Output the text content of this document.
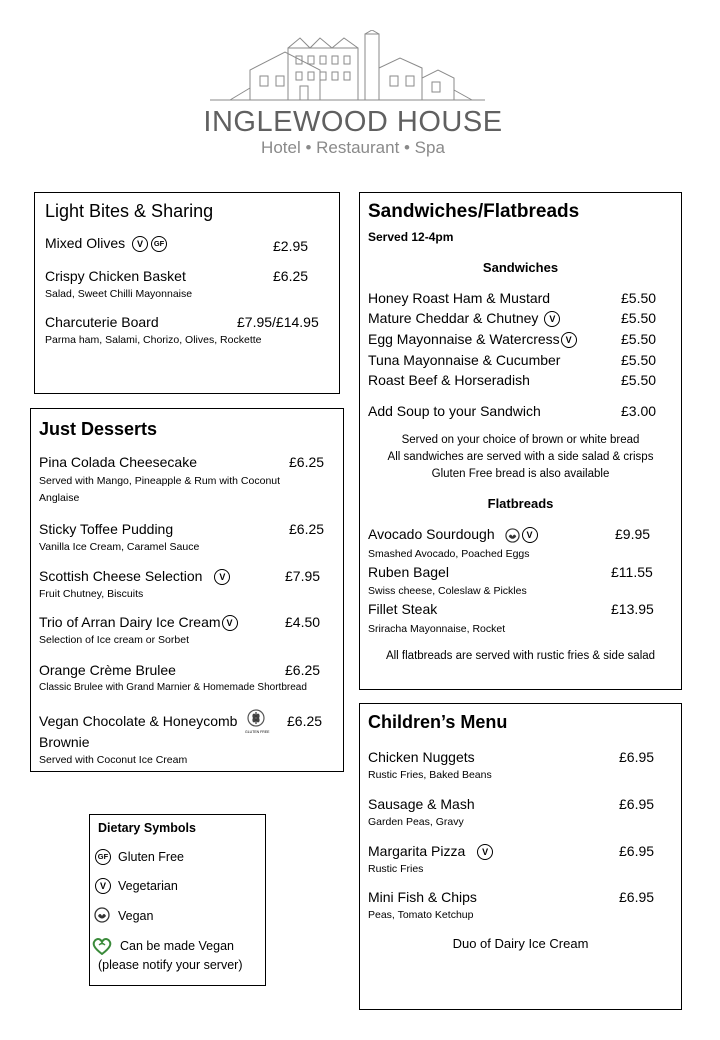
INGLEWOOD HOUSE
Hotel • Restaurant • Spa
Light Bites & Sharing
Mixed Olives V GF	£2.95
Crispy Chicken Basket	£6.25
Salad, Sweet Chilli Mayonnaise
Charcuterie Board	£7.95/£14.95
Parma ham, Salami, Chorizo, Olives, Rockette
Just Desserts
Pina Colada Cheesecake	£6.25
Served with Mango, Pineapple & Rum with Coconut
Anglaise
Sticky Toffee Pudding	£6.25
Vanilla Ice Cream, Caramel Sauce
Scottish Cheese Selection V	£7.95
Fruit Chutney, Biscuits
Trio of Arran Dairy Ice Cream V	£4.50
Selection of Ice cream or Sorbet
Orange Crème Brulee	£6.25
Classic Brulee with Grand Marnier & Homemade Shortbread
Vegan Chocolate & Honeycomb
GLUTEN FREE
£6.25
Brownie
Served with Coconut Ice Cream
Dietary Symbols
GF Gluten Free
V Vegetarian
Vegan
Can be made Vegan
(please notify your server)
Sandwiches/Flatbreads
Served 12-4pm
Sandwiches
Honey Roast Ham & Mustard	£5.50
Mature Cheddar & Chutney V	£5.50
Egg Mayonnaise & Watercress V	£5.50
Tuna Mayonnaise & Cucumber	£5.50
Roast Beef & Horseradish	£5.50
Add Soup to your Sandwich	£3.00
Served on your choice of brown or white bread
All sandwiches are served with a side salad & crisps
Gluten Free bread is also available
Flatbreads
Avocado Sourdough	V	£9.95
Smashed Avocado, Poached Eggs
Ruben Bagel	£11.55
Swiss cheese, Coleslaw & Pickles
Fillet Steak	£13.95
Sriracha Mayonnaise, Rocket
All flatbreads are served with rustic fries & side salad
Children’s Menu
Chicken Nuggets	£6.95
Rustic Fries, Baked Beans
Sausage & Mash	£6.95
Garden Peas, Gravy
Margarita Pizza V	£6.95
Rustic Fries
Mini Fish & Chips	£6.95
Peas, Tomato Ketchup
Duo of Dairy Ice Cream
